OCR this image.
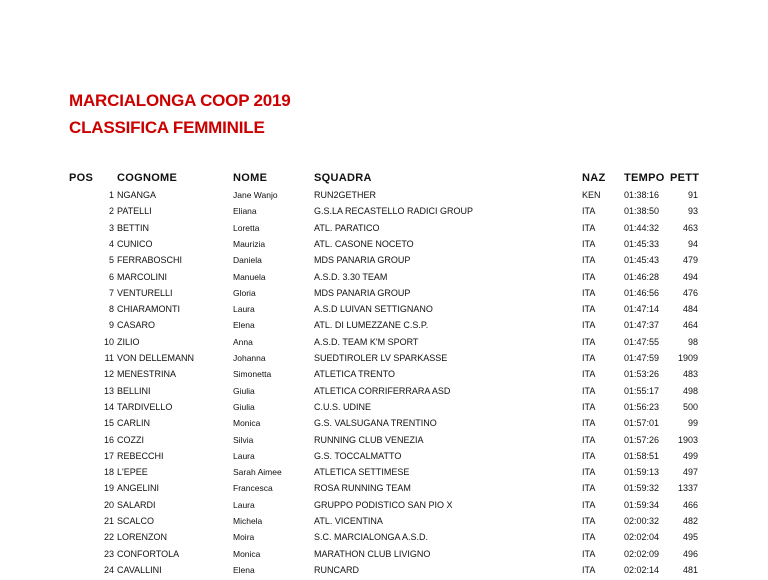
MARCIALONGA COOP 2019
CLASSIFICA FEMMINILE
POS COGNOME	NOME	SQUADRA	NAZ TEMPO PETT
1 NGANGA	Jane Wanjo	RUN2GETHER	KEN	01:38:16	91
2 PATELLI	Eliana	G.S.LA RECASTELLO RADICI GROUP	ITA	01:38:50	93
3 BETTIN	Loretta	ATL. PARATICO	ITA	01:44:32	463
4 CUNICO	Maurizia	ATL. CASONE NOCETO	ITA	01:45:33	94
5 FERRABOSCHI	Daniela	MDS PANARIA GROUP	ITA	01:45:43	479
6 MARCOLINI	Manuela	A.S.D. 3.30 TEAM	ITA	01:46:28	494
7 VENTURELLI	Gloria	MDS PANARIA GROUP	ITA	01:46:56	476
8 CHIARAMONTI	Laura	A.S.D LUIVAN SETTIGNANO	ITA	01:47:14	484
9 CASARO	Elena	ATL. DI LUMEZZANE C.S.P.	ITA	01:47:37	464
10 ZILIO	Anna	A.S.D. TEAM K'M SPORT	ITA	01:47:55	98
11 VON DELLEMANN	Johanna	SUEDTIROLER LV SPARKASSE	ITA	01:47:59	1909
12 MENESTRINA	Simonetta	ATLETICA TRENTO	ITA	01:53:26	483
13 BELLINI	Giulia	ATLETICA CORRIFERRARA ASD	ITA	01:55:17	498
14 TARDIVELLO	Giulia	C.U.S. UDINE	ITA	01:56:23	500
15 CARLIN	Monica	G.S. VALSUGANA TRENTINO	ITA	01:57:01	99
16 COZZI	Silvia	RUNNING CLUB VENEZIA	ITA	01:57:26	1903
17 REBECCHI	Laura	G.S. TOCCALMATTO	ITA	01:58:51	499
18 L'EPEE	Sarah Aimee	ATLETICA SETTIMESE	ITA	01:59:13	497
19 ANGELINI	Francesca	ROSA RUNNING TEAM	ITA	01:59:32	1337
20 SALARDI	Laura	GRUPPO PODISTICO SAN PIO X	ITA	01:59:34	466
21 SCALCO	Michela	ATL. VICENTINA	ITA	02:00:32	482
22 LORENZON	Moira	S.C. MARCIALONGA A.S.D.	ITA	02:02:04	495
23 CONFORTOLA	Monica	MARATHON CLUB LIVIGNO	ITA	02:02:09	496
24 CAVALLINI	Elena	RUNCARD	ITA	02:02:14	481
